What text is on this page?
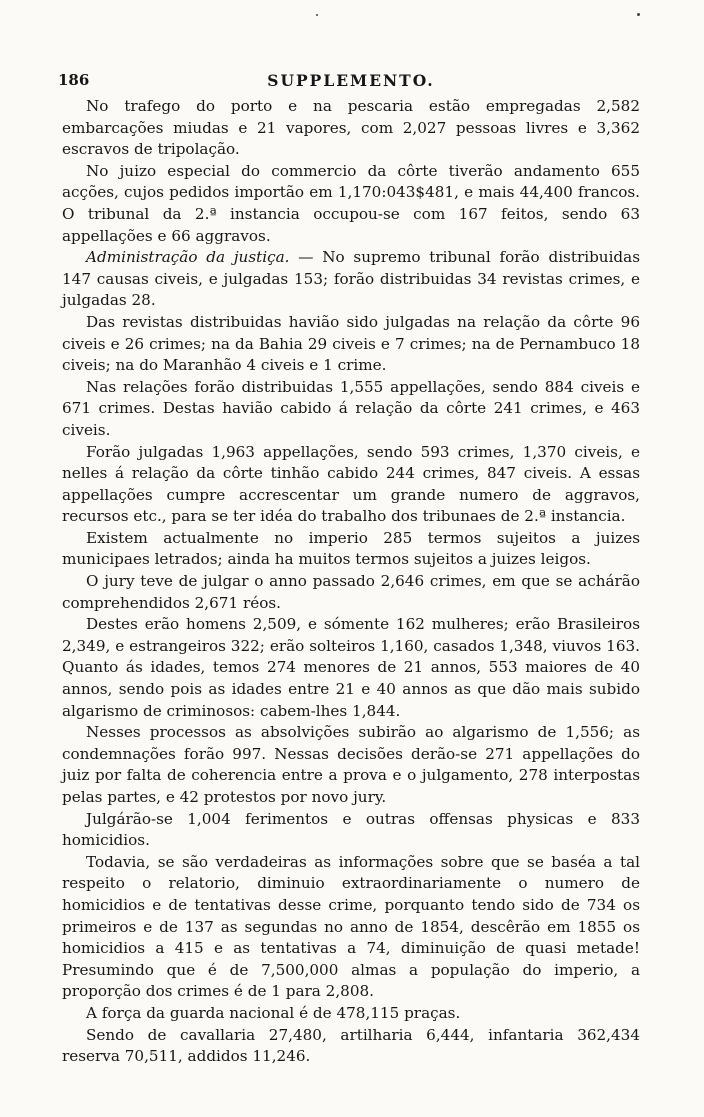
186	SUPPLEMENTO.

No trafego do porto e na pescaria estão empregadas 2,582 embarcações miudas e 21 vapores, com 2,027 pessoas livres e 3,362 escravos de tripolação.

No juizo especial do commercio da côrte tiverão andamento 655 acções, cujos pedidos importão em 1,170:043$481, e mais 44,400 francos. O tribunal da 2.ª instancia occupou-se com 167 feitos, sendo 63 appellações e 66 aggravos.

Administração da justiça. — No supremo tribunal forão distribuidas 147 causas civeis, e julgadas 153; forão distribuidas 34 revistas crimes, e julgadas 28.

Das revistas distribuidas havião sido julgadas na relação da côrte 96 civeis e 26 crimes; na da Bahia 29 civeis e 7 crimes; na de Pernambuco 18 civeis; na do Maranhão 4 civeis e 1 crime.

Nas relações forão distribuidas 1,555 appellações, sendo 884 civeis e 671 crimes. Destas havião cabido á relação da côrte 241 crimes, e 463 civeis.

Forão julgadas 1,963 appellações, sendo 593 crimes, 1,370 civeis, e nelles á relação da côrte tinhão cabido 244 crimes, 847 civeis. A essas appellações cumpre accrescentar um grande numero de aggravos, recursos etc., para se ter idéa do trabalho dos tribunaes de 2.ª instancia.

Existem actualmente no imperio 285 termos sujeitos a juizes municipaes letrados; ainda ha muitos termos sujeitos a juizes leigos.

O jury teve de julgar o anno passado 2,646 crimes, em que se achárão comprehendidos 2,671 réos.

Destes erão homens 2,509, e sómente 162 mulheres; erão Brasileiros 2,349, e estrangeiros 322; erão solteiros 1,160, casados 1,348, viuvos 163. Quanto ás idades, temos 274 menores de 21 annos, 553 maiores de 40 annos, sendo pois as idades entre 21 e 40 annos as que dão mais subido algarismo de criminosos: cabem-lhes 1,844.

Nesses processos as absolvições subirão ao algarismo de 1,556; as condemnações forão 997. Nessas decisões derão-se 271 appellações do juiz por falta de coherencia entre a prova e o julgamento, 278 interpostas pelas partes, e 42 protestos por novo jury.

Julgárão-se 1,004 ferimentos e outras offensas physicas e 833 homicidios.

Todavia, se são verdadeiras as informações sobre que se baséa a tal respeito o relatorio, diminuio extraordinariamente o numero de homicidios e de tentativas desse crime, porquanto tendo sido de 734 os primeiros e de 137 as segundas no anno de 1854, descêrão em 1855 os homicidios a 415 e as tentativas a 74, diminuição de quasi metade! Presumindo que é de 7,500,000 almas a população do imperio, a proporção dos crimes é de 1 para 2,808.

A força da guarda nacional é de 478,115 praças.

Sendo de cavallaria 27,480, artilharia 6,444, infantaria 362,434 reserva 70,511, addidos 11,246.
